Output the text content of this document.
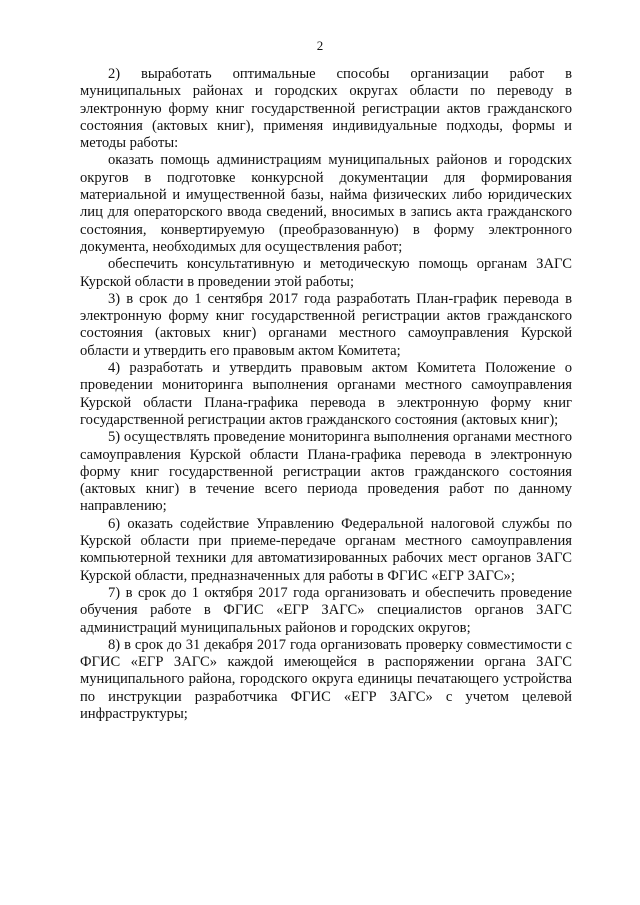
2

2) выработать оптимальные способы организации работ в муниципальных районах и городских округах области по переводу в электронную форму книг государственной регистрации актов гражданского состояния (актовых книг), применяя индивидуальные подходы, формы и методы работы:

оказать помощь администрациям муниципальных районов и городских округов в подготовке конкурсной документации для формирования материальной и имущественной базы, найма физических либо юридических лиц для операторского ввода сведений, вносимых в запись акта гражданского состояния, конвертируемую (преобразованную) в форму электронного документа, необходимых для осуществления работ;

обеспечить консультативную и методическую помощь органам ЗАГС Курской области в проведении этой работы;

3) в срок до 1 сентября 2017 года разработать План-график перевода в электронную форму книг государственной регистрации актов гражданского состояния (актовых книг) органами местного самоуправления Курской области и утвердить его правовым актом Комитета;

4) разработать и утвердить правовым актом Комитета Положение о проведении мониторинга выполнения органами местного самоуправления Курской области Плана-графика перевода в электронную форму книг государственной регистрации актов гражданского состояния (актовых книг);

5) осуществлять проведение мониторинга выполнения органами местного самоуправления Курской области Плана-графика перевода в электронную форму книг государственной регистрации актов гражданского состояния (актовых книг) в течение всего периода проведения работ по данному направлению;

6) оказать содействие Управлению Федеральной налоговой службы по Курской области при приеме-передаче органам местного самоуправления компьютерной техники для автоматизированных рабочих мест органов ЗАГС Курской области, предназначенных для работы в ФГИС «ЕГР ЗАГС»;

7) в срок до 1 октября 2017 года организовать и обеспечить проведение обучения работе в ФГИС «ЕГР ЗАГС» специалистов органов ЗАГС администраций муниципальных районов и городских округов;

8) в срок до 31 декабря 2017 года организовать проверку совместимости с ФГИС «ЕГР ЗАГС» каждой имеющейся в распоряжении органа ЗАГС муниципального района, городского округа единицы печатающего устройства по инструкции разработчика ФГИС «ЕГР ЗАГС» с учетом целевой инфраструктуры;
